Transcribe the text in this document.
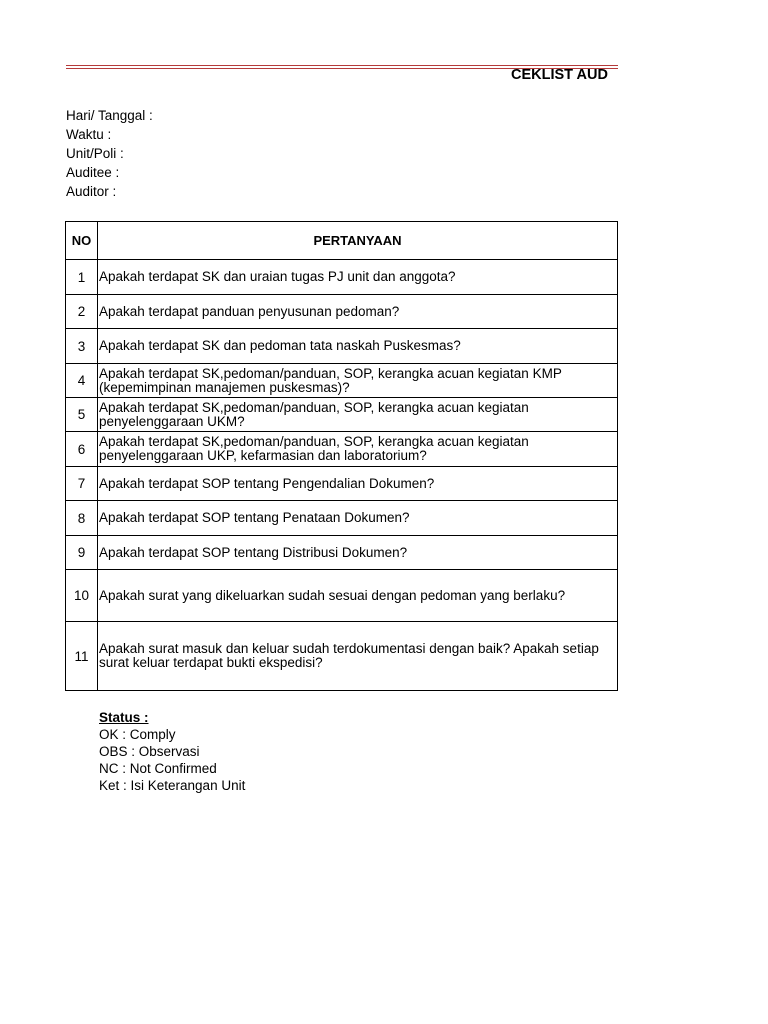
CEKLIST AUD
Hari/ Tanggal :
Waktu :
Unit/Poli :
Auditee :
Auditor :
NO	PERTANYAAN
1	Apakah terdapat SK dan uraian tugas PJ unit dan anggota?
2	Apakah terdapat panduan penyusunan pedoman?
3	Apakah terdapat SK dan pedoman tata naskah Puskesmas?
4	Apakah terdapat SK,pedoman/panduan, SOP, kerangka acuan kegiatan KMP (kepemimpinan manajemen puskesmas)?
5	Apakah terdapat SK,pedoman/panduan, SOP, kerangka acuan kegiatan penyelenggaraan UKM?
6	Apakah terdapat SK,pedoman/panduan, SOP, kerangka acuan kegiatan penyelenggaraan UKP, kefarmasian dan laboratorium?
7	Apakah terdapat SOP tentang Pengendalian Dokumen?
8	Apakah terdapat SOP tentang Penataan Dokumen?
9	Apakah terdapat SOP tentang Distribusi Dokumen?
10	Apakah surat yang dikeluarkan sudah sesuai dengan pedoman yang berlaku?
11	Apakah surat masuk dan keluar sudah terdokumentasi dengan baik? Apakah setiap surat keluar terdapat bukti ekspedisi?
Status :
OK : Comply
OBS : Observasi
NC : Not Confirmed
Ket : Isi Keterangan Unit
